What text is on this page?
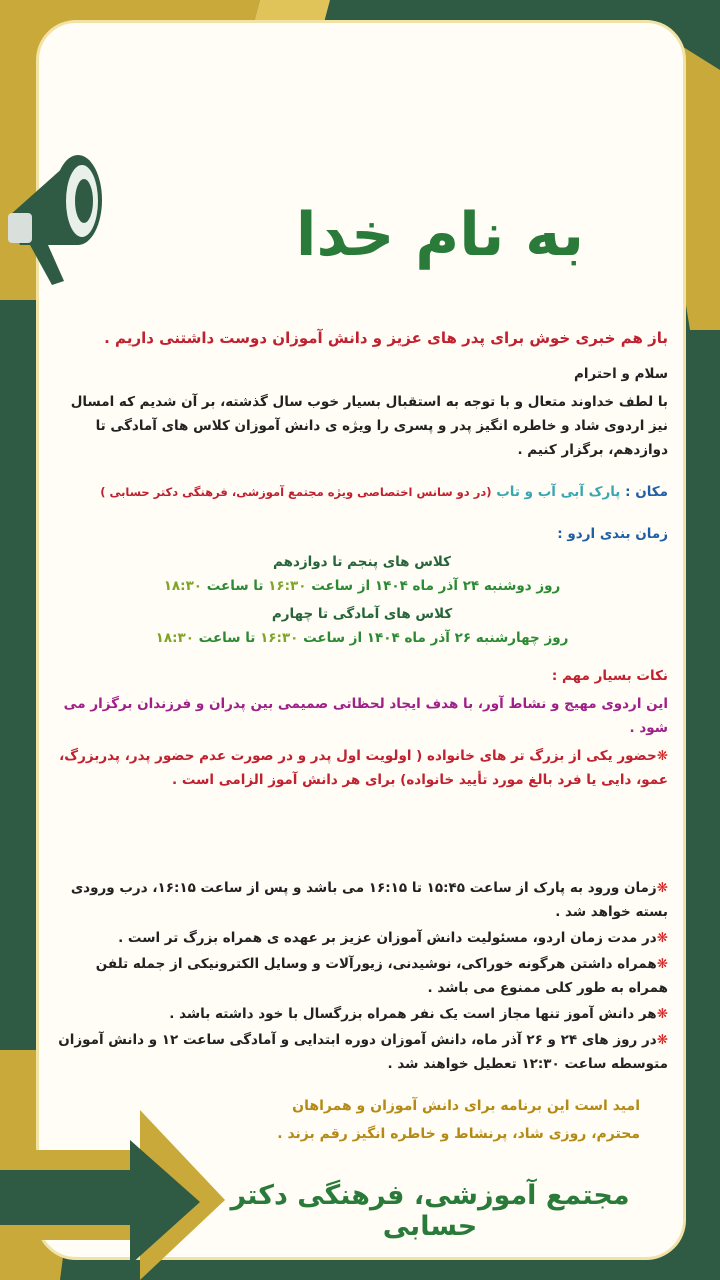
به نام خدا
باز هم خبری خوش برای پدر های عزیز و دانش آموزان دوست داشتنی داریم .
سلام و احترام
با لطف خداوند متعال و با توجه به استقبال بسیار خوب سال گذشته، بر آن شدیم که امسال نیز اردوی شاد و خاطره انگیز پدر و پسری را ویژه ی دانش آموزان کلاس های آمادگی تا دوازدهم، برگزار کنیم .
مکان : پارک آبی آب و تاب (در دو سانس اختصاصی ویژه مجتمع آموزشی، فرهنگی دکتر حسابی )
زمان بندی اردو :
کلاس های پنجم تا دوازدهم
روز دوشنبه ۲۴ آذر ماه ۱۴۰۴ از ساعت ۱۶:۳۰ تا ساعت ۱۸:۳۰
کلاس های آمادگی تا چهارم
روز چهارشنبه ۲۶ آذر ماه ۱۴۰۴ از ساعت ۱۶:۳۰ تا ساعت ۱۸:۳۰
نکات بسیار مهم :
این اردوی مهیج و نشاط آور، با هدف ایجاد لحظاتی صمیمی بین پدران و فرزندان برگزار می شود .
❋حضور یکی از بزرگ تر های خانواده ( اولویت اول پدر و در صورت عدم حضور پدر، پدربزرگ، عمو، دایی یا فرد بالغ مورد تأیید خانواده) برای هر دانش آموز الزامی است .
❋زمان ورود به پارک از ساعت ۱۵:۴۵ تا ۱۶:۱۵ می باشد و پس از ساعت ۱۶:۱۵، درب ورودی بسته خواهد شد .
❋در مدت زمان اردو، مسئولیت دانش آموزان عزیز بر عهده ی همراه بزرگ تر است .
❋همراه داشتن هرگونه خوراکی، نوشیدنی، زیورآلات و وسایل الکترونیکی از جمله تلفن همراه به طور کلی ممنوع می باشد .
❋هر دانش آموز تنها مجاز است یک نفر همراه بزرگسال با خود داشته باشد .
❋در روز های ۲۴ و ۲۶ آذر ماه، دانش آموزان دوره ابتدایی و آمادگی ساعت ۱۲ و دانش آموزان متوسطه ساعت ۱۲:۳۰ تعطیل خواهند شد .
امید است این برنامه برای دانش آموزان و همراهان محترم، روزی شاد، پرنشاط و خاطره انگیز رقم بزند .
مجتمع آموزشی، فرهنگی دکتر حسابی
